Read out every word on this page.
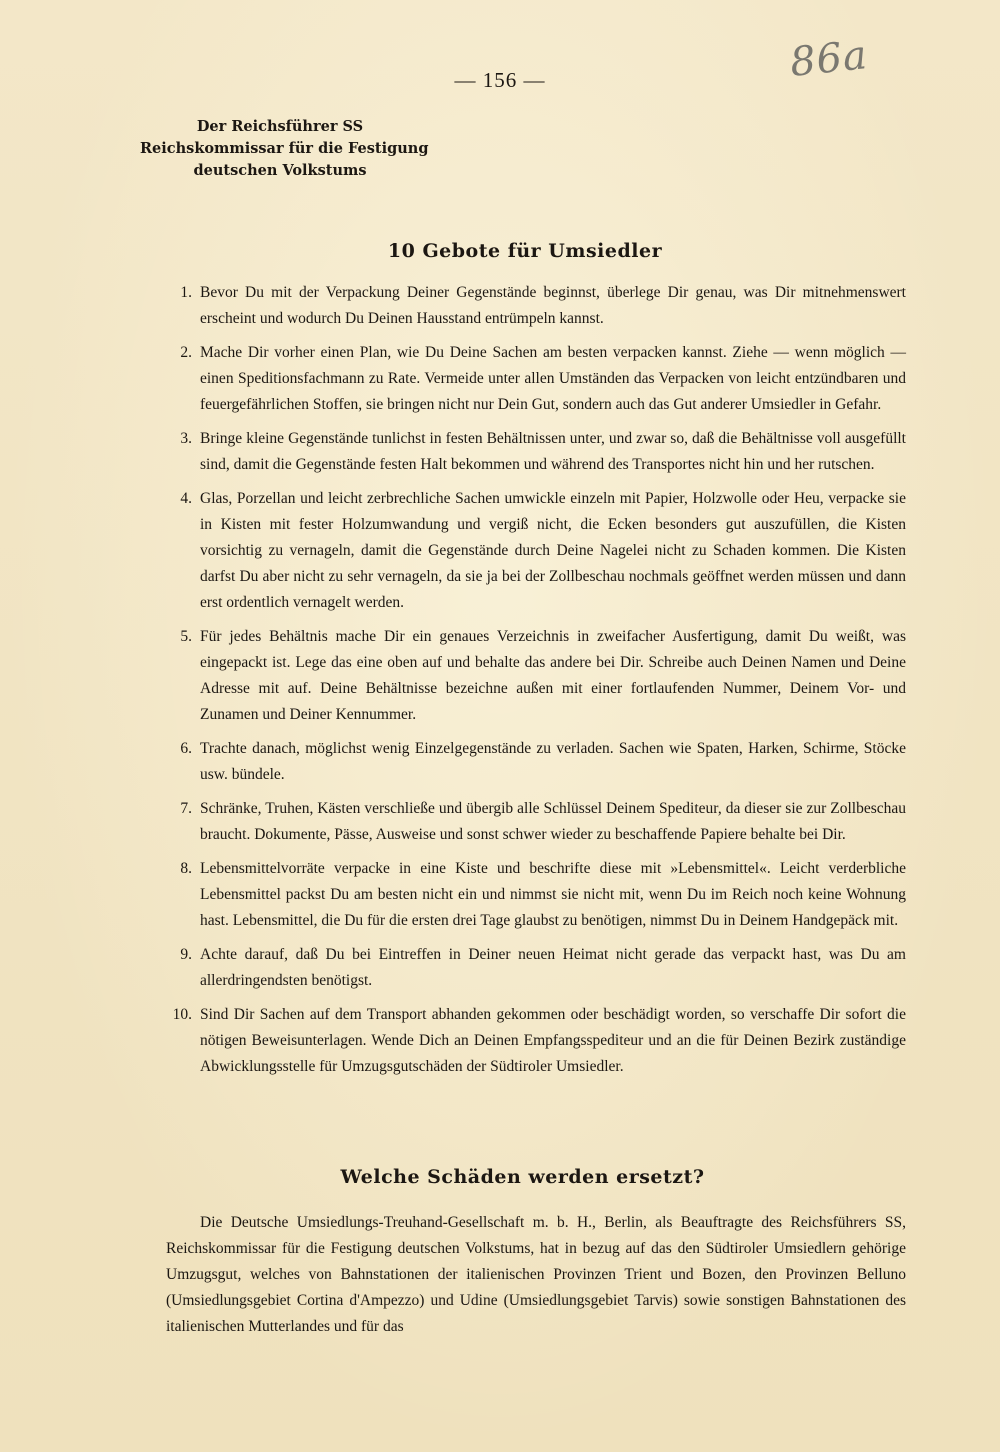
— 156 —	86a
Der Reichsführer SS
Reichskommissar für die Festigung
deutschen Volkstums
10 Gebote für Umsiedler
1. Bevor Du mit der Verpackung Deiner Gegenstände beginnst, überlege Dir genau, was Dir mitnehmenswert erscheint und wodurch Du Deinen Hausstand entrümpeln kannst.
2. Mache Dir vorher einen Plan, wie Du Deine Sachen am besten verpacken kannst. Ziehe — wenn möglich — einen Speditionsfachmann zu Rate. Vermeide unter allen Umständen das Verpacken von leicht entzündbaren und feuergefährlichen Stoffen, sie bringen nicht nur Dein Gut, sondern auch das Gut anderer Umsiedler in Gefahr.
3. Bringe kleine Gegenstände tunlichst in festen Behältnissen unter, und zwar so, daß die Behältnisse voll ausgefüllt sind, damit die Gegenstände festen Halt bekommen und während des Transportes nicht hin und her rutschen.
4. Glas, Porzellan und leicht zerbrechliche Sachen umwickle einzeln mit Papier, Holzwolle oder Heu, verpacke sie in Kisten mit fester Holzumwandung und vergiß nicht, die Ecken besonders gut auszufüllen, die Kisten vorsichtig zu vernageln, damit die Gegenstände durch Deine Nagelei nicht zu Schaden kommen. Die Kisten darfst Du aber nicht zu sehr vernageln, da sie ja bei der Zollbeschau nochmals geöffnet werden müssen und dann erst ordentlich vernagelt werden.
5. Für jedes Behältnis mache Dir ein genaues Verzeichnis in zweifacher Ausfertigung, damit Du weißt, was eingepackt ist. Lege das eine oben auf und behalte das andere bei Dir. Schreibe auch Deinen Namen und Deine Adresse mit auf. Deine Behältnisse bezeichne außen mit einer fortlaufenden Nummer, Deinem Vor- und Zunamen und Deiner Kennummer.
6. Trachte danach, möglichst wenig Einzelgegenstände zu verladen. Sachen wie Spaten, Harken, Schirme, Stöcke usw. bündele.
7. Schränke, Truhen, Kästen verschließe und übergib alle Schlüssel Deinem Spediteur, da dieser sie zur Zollbeschau braucht. Dokumente, Pässe, Ausweise und sonst schwer wieder zu beschaffende Papiere behalte bei Dir.
8. Lebensmittelvorräte verpacke in eine Kiste und beschrifte diese mit »Lebensmittel«. Leicht verderbliche Lebensmittel packst Du am besten nicht ein und nimmst sie nicht mit, wenn Du im Reich noch keine Wohnung hast. Lebensmittel, die Du für die ersten drei Tage glaubst zu benötigen, nimmst Du in Deinem Handgepäck mit.
9. Achte darauf, daß Du bei Eintreffen in Deiner neuen Heimat nicht gerade das verpackt hast, was Du am allerdringendsten benötigst.
10. Sind Dir Sachen auf dem Transport abhanden gekommen oder beschädigt worden, so verschaffe Dir sofort die nötigen Beweisunterlagen. Wende Dich an Deinen Empfangsspediteur und an die für Deinen Bezirk zuständige Abwicklungsstelle für Umzugsgutschäden der Südtiroler Umsiedler.
Welche Schäden werden ersetzt?

Die Deutsche Umsiedlungs-Treuhand-Gesellschaft m. b. H., Berlin, als Beauftragte des Reichsführers SS, Reichskommissar für die Festigung deutschen Volkstums, hat in bezug auf das den Südtiroler Umsiedlern gehörige Umzugsgut, welches von Bahnstationen der italienischen Provinzen Trient und Bozen, den Provinzen Belluno (Umsiedlungsgebiet Cortina d'Ampezzo) und Udine (Umsiedlungsgebiet Tarvis) sowie sonstigen Bahnstationen des italienischen Mutterlandes und für das
